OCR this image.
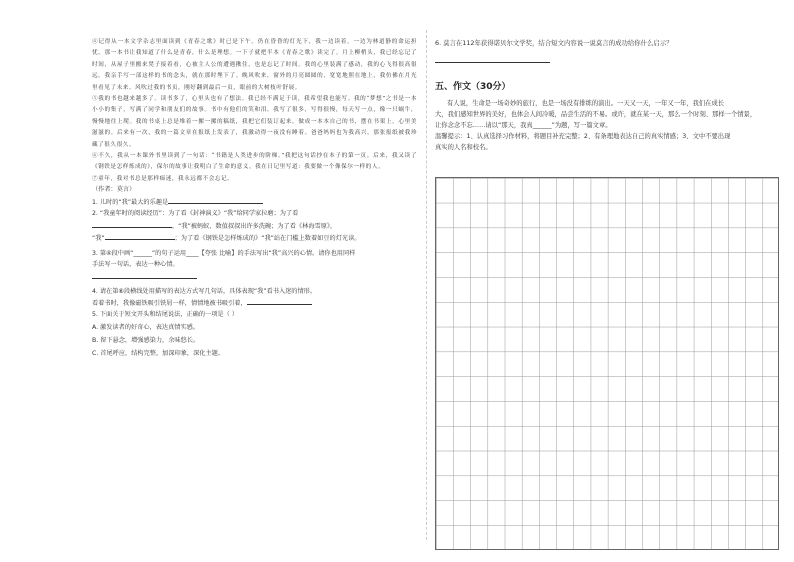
④记得从一本文学杂志里面读到《青春之歌》时已是下午。仍在昏昏的灯光下，我一边读着，一边为林道静的命运担忧。那一本书让我知道了什么是青春，什么是理想。一下子就把半本《青春之歌》读完了。月上柳梢头，我已经忘记了时间，从屋子里搬来凳子接着看，心被主人公的遭遇揪住，也是忘记了时间。我的心里装满了感动，我的心飞得很高很远。我亲手写一部这样的书的念头，就在那时埋下了。晚风吹来，窗外的月亮圆圆的，宽宽地照在地上，我仿佛在月光里看见了未来。风吹过我的书页，刚好翻到最后一页，眼前的大树枝叶舒展。

⑤我的书也越来越多了。读书多了，心里头也有了想法。我已经不满足于读，我希望我也能写。我的“梦想”之书是一本小小的集子，写满了同学和朋友们的故事。书中有他们的笑和泪，我写了很多，写得很慢，每天写一点，像一只蜗牛，慢慢地往上爬。我的书桌上总是堆着一摞一摞的稿纸，我把它们装订起来，做成一本本自己的书，摆在书架上，心里美滋滋的。后来有一次，我的一篇文章在报纸上发表了，我激动得一夜没有睡着。爸爸妈妈也为我高兴，那张报纸被我珍藏了很久很久。

⑥不久，我从一本课外书里读到了一句话：“书籍是人类进步的阶梯。”我把这句话抄在本子的第一页。后来，我又读了《钢铁是怎样炼成的》，保尔的故事让我明白了生命的意义。我在日记里写道：我要做一个像保尔一样的人。

⑦童年，我对书总是那样痴迷，我永远都不会忘记。

（作者：莫言）

1. 儿时的“我”最大的乐趣是

2. “我童年时的阅读经历”：为了看《封神演义》“我”给同学家拉磨；为了看

，“我”被蚂蚁、数值叔叔出许多洗碗；为了看《林海雪原》，

“我”	；为了看《钢铁是怎样炼成的》“我”站在门槛上数着如豆的灯光读。

3. 第④段中画“______”的句子运用____【夸张 比喻】的手法写出“我”高兴的心情。请你也用同样

手法写一句话，表达一种心情。

4. 请在第⑥段横线处用描写的表达方式写几句话，具体表现“我”看书入迷的情形。

看着书时，我像磁铁吸引铁屑一样，情情地被书吸引着，

5. 下面关于短文开头和结尾说法，正确的一项是（ ）

A. 激发读者的好奇心，表达真情实感。

B. 留下悬念，增强感染力，余味悠长。

C. 首尾呼应，结构完整，加深印象，深化主题。

6. 莫言在112年获得诺贝尔文学奖，结合短文内容说一说莫言的成功给你什么启示？

五、作文（30分）

有人说，生命是一场奇妙的旅行，也是一场没有排练的演出。一天又一天，一年又一年，我们在成长

大，我们感知世界的美好，也体会人间冷暖，品尝生活的不易。或许，就在某一天，那么一个时刻、那样一个情景，

让你念念不忘……请以“那天，我真______”为题，写一篇文章。

温馨提示：1、认真选择习作材料，将题目补充完整；2、有条理地表达自己的真实情感；3、文中不要出现

真实的人名和校名。
